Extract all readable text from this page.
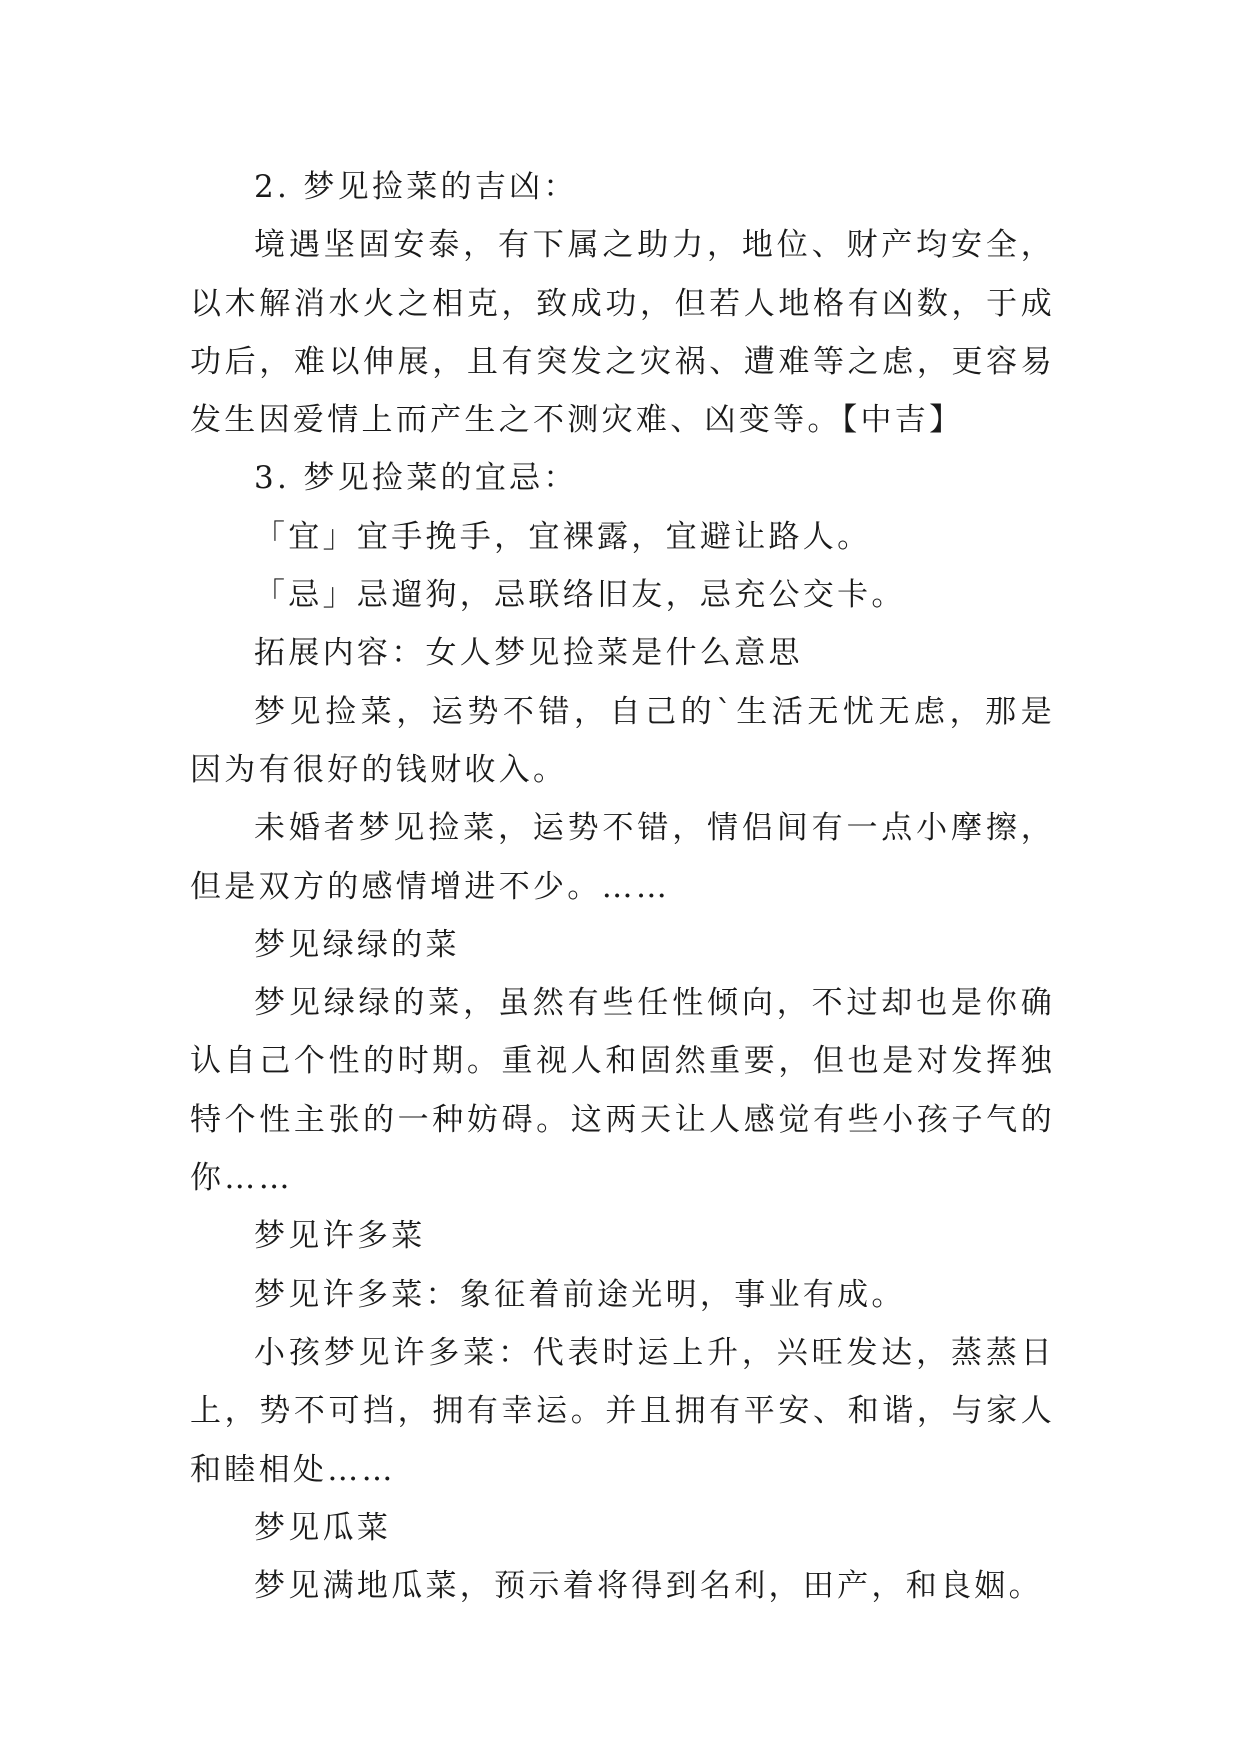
2. 梦见捡菜的吉凶：

境遇坚固安泰，有下属之助力，地位、财产均安全，以木解消水火之相克，致成功，但若人地格有凶数，于成功后，难以伸展，且有突发之灾祸、遭难等之虑，更容易发生因爱情上而产生之不测灾难、凶变等。【中吉】

3. 梦见捡菜的宜忌：

「宜」宜手挽手，宜裸露，宜避让路人。

「忌」忌遛狗，忌联络旧友，忌充公交卡。

拓展内容：女人梦见捡菜是什么意思

梦见捡菜，运势不错，自己的`生活无忧无虑，那是因为有很好的钱财收入。

未婚者梦见捡菜，运势不错，情侣间有一点小摩擦，但是双方的感情增进不少。……

梦见绿绿的菜

梦见绿绿的菜，虽然有些任性倾向，不过却也是你确认自己个性的时期。重视人和固然重要，但也是对发挥独特个性主张的一种妨碍。这两天让人感觉有些小孩子气的你……

梦见许多菜

梦见许多菜：象征着前途光明，事业有成。

小孩梦见许多菜：代表时运上升，兴旺发达，蒸蒸日上，势不可挡，拥有幸运。并且拥有平安、和谐，与家人和睦相处……

梦见瓜菜

梦见满地瓜菜，预示着将得到名利，田产，和良姻。
